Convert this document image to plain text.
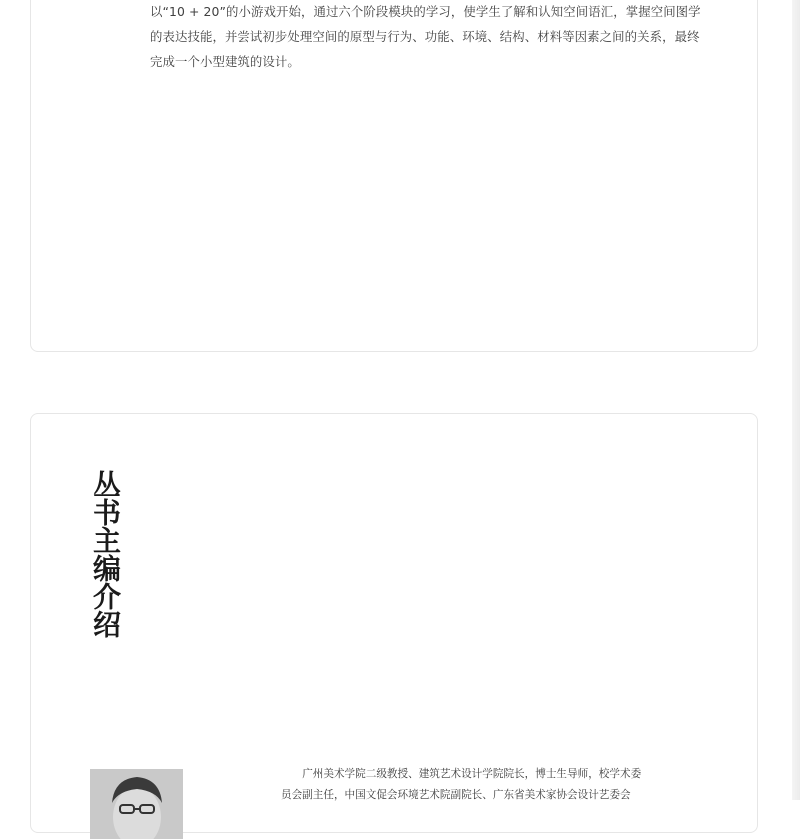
以“10 + 20”的小游戏开始，通过六个阶段模块的学习，使学生了解和认知空间语汇，掌握空间图学的表达技能，并尝试初步处理空间的原型与行为、功能、环境、结构、材料等因素之间的关系，最终完成一个小型建筑的设计。

丛书主编介绍

广州美术学院二级教授、建筑艺术设计学院院长，博士生导师，校学术委员会副主任，中国文促会环境艺术院副院长、广东省美术家协会设计艺委会
